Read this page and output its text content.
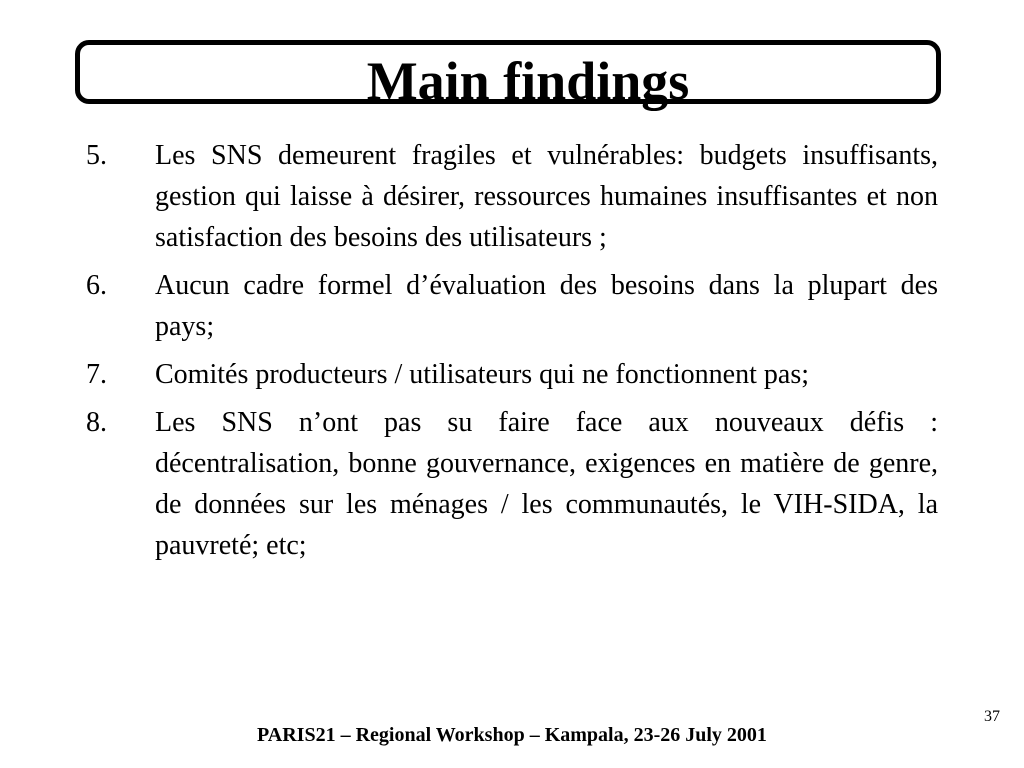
Main findings
5.	Les SNS demeurent fragiles et vulnérables: budgets insuffisants, gestion qui laisse à désirer, ressources humaines insuffisantes et non satisfaction des besoins des utilisateurs ;
6.	Aucun cadre formel d’évaluation des besoins dans la plupart des pays;
7.	Comités producteurs / utilisateurs qui ne fonctionnent pas;
8.	Les SNS n’ont pas su faire face aux nouveaux défis : décentralisation, bonne gouvernance, exigences en matière de genre, de données sur les ménages / les communautés, le VIH-SIDA, la pauvreté; etc;
37
PARIS21 – Regional Workshop – Kampala, 23-26 July 2001
